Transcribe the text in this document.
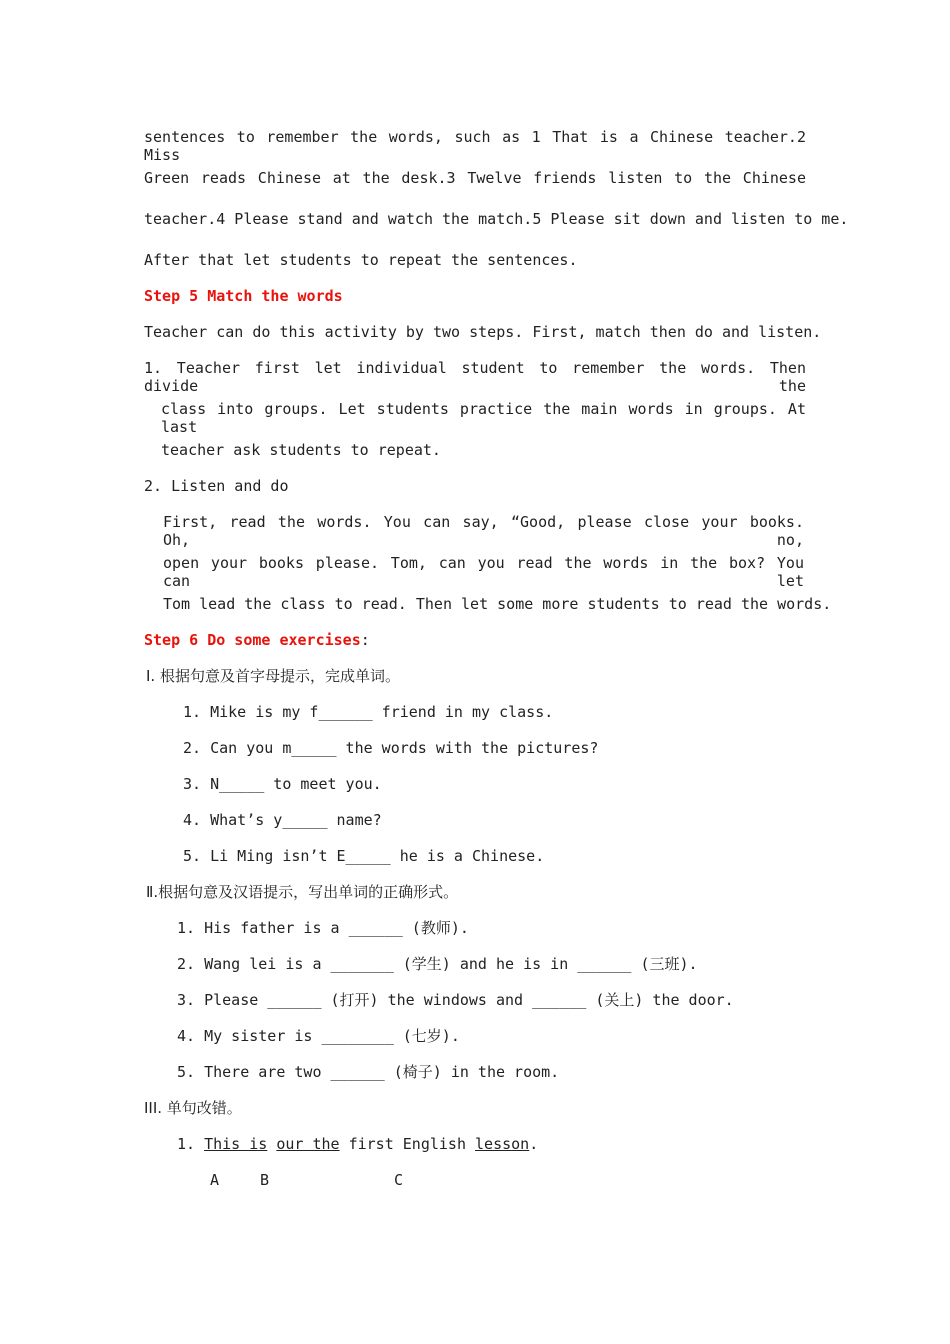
sentences to remember the words, such as 1 That is a Chinese teacher.2 Miss
Green reads Chinese at the desk.3 Twelve friends listen to the Chinese
teacher.4 Please stand and watch the match.5 Please sit down and listen to me.
After that let students to repeat the sentences.
Step 5 Match the words
Teacher can do this activity by two steps. First, match then do and listen.
1. Teacher first let individual student to remember the words. Then divide the
class into groups. Let students practice the main words in groups. At last
teacher ask students to repeat.
2. Listen and do
First, read the words. You can say, “Good, please close your books. Oh, no,
open your books please. Tom, can you read the words in the box? You can let
Tom lead the class to read. Then let some more students to read the words.
Step 6 Do some exercises:
Ⅰ. 根据句意及首字母提示，完成单词。
1. Mike is my f______ friend in my class.
2. Can you m_____ the words with the pictures?
3. N_____ to meet you.
4. What’s y_____ name?
5. Li Ming isn’t E_____ he is a Chinese.
Ⅱ.根据句意及汉语提示，写出单词的正确形式。
1. His father is a ______ (教师).
2. Wang lei is a _______ (学生) and he is in ______ (三班).
3. Please ______ (打开) the windows and ______ (关上) the door.
4. My sister is ________ (七岁).
5. There are two ______ (椅子) in the room.
III. 单句改错。
1. This is our the first English lesson.
A	B	C
